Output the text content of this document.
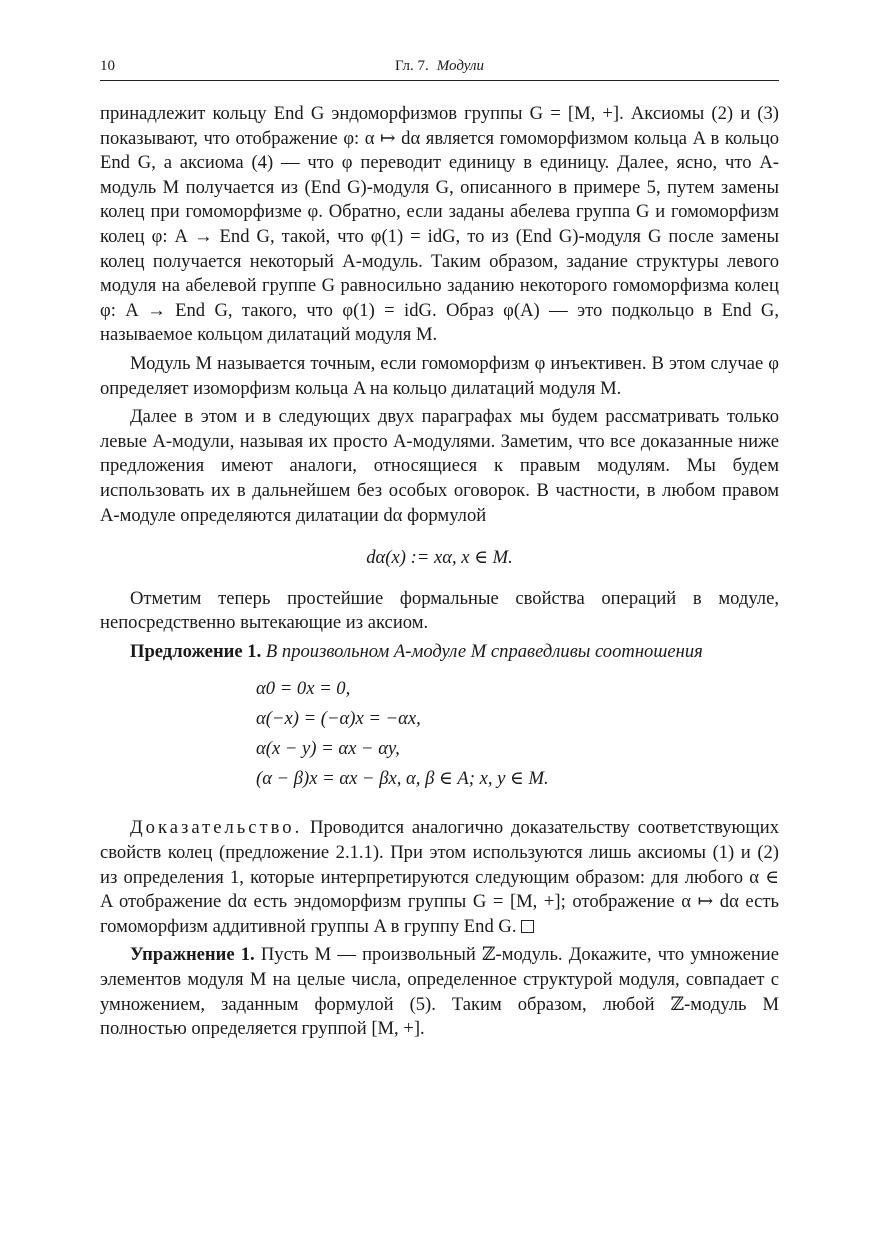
10	Гл. 7. Модули

принадлежит кольцу End G эндоморфизмов группы G = [M, +]. Аксиомы (2) и (3) показывают, что отображение φ: α ↦ dα является гомоморфизмом кольца A в кольцо End G, а аксиома (4) — что φ переводит единицу в единицу. Далее, ясно, что A-модуль M получается из (End G)-модуля G, описанного в примере 5, путем замены колец при гомоморфизме φ. Обратно, если заданы абелева группа G и гомоморфизм колец φ: A → End G, такой, что φ(1) = idG, то из (End G)-модуля G после замены колец получается некоторый A-модуль. Таким образом, задание структуры левого модуля на абелевой группе G равносильно заданию некоторого гомоморфизма колец φ: A → End G, такого, что φ(1) = idG. Образ φ(A) — это подкольцо в End G, называемое кольцом дилатаций модуля M.

Модуль M называется точным, если гомоморфизм φ инъективен. В этом случае φ определяет изоморфизм кольца A на кольцо дилатаций модуля M.

Далее в этом и в следующих двух параграфах мы будем рассматривать только левые A-модули, называя их просто A-модулями. Заметим, что все доказанные ниже предложения имеют аналоги, относящиеся к правым модулям. Мы будем использовать их в дальнейшем без особых оговорок. В частности, в любом правом A-модуле определяются дилатации dα формулой

dα(x) := xα, x ∈ M.

Отметим теперь простейшие формальные свойства операций в модуле, непосредственно вытекающие из аксиом.

Предложение 1. В произвольном A-модуле M справедливы соотношения

α0 = 0x = 0,
α(−x) = (−α)x = −αx,
α(x − y) = αx − αy,
(α − β)x = αx − βx, α, β ∈ A; x, y ∈ M.

Доказательство. Проводится аналогично доказательству соответствующих свойств колец (предложение 2.1.1). При этом используются лишь аксиомы (1) и (2) из определения 1, которые интерпретируются следующим образом: для любого α ∈ A отображение dα есть эндоморфизм группы G = [M, +]; отображение α ↦ dα есть гомоморфизм аддитивной группы A в группу End G.

Упражнение 1. Пусть M — произвольный ℤ-модуль. Докажите, что умножение элементов модуля M на целые числа, определенное структурой модуля, совпадает с умножением, заданным формулой (5). Таким образом, любой ℤ-модуль M полностью определяется группой [M, +].
